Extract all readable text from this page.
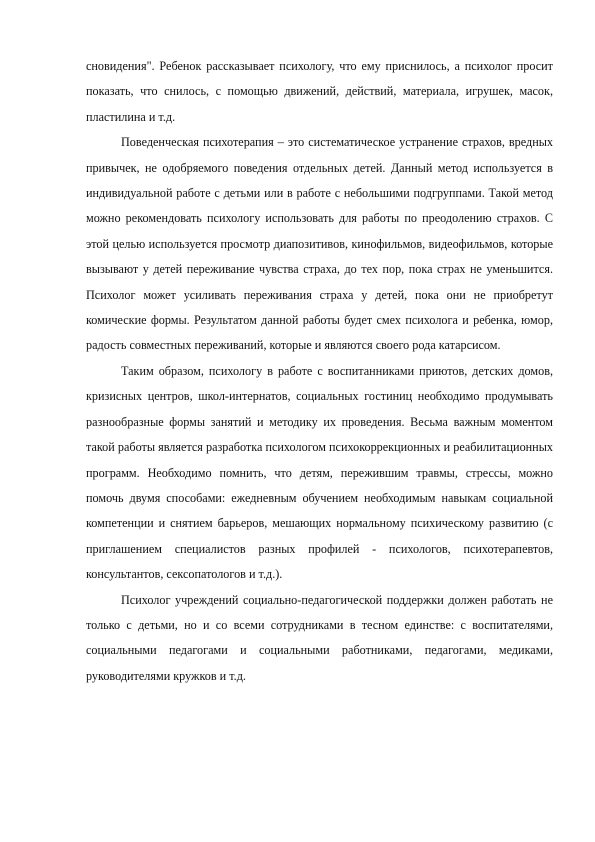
сновидения". Ребенок рассказывает психологу, что ему приснилось, а психолог просит показать, что снилось, с помощью движений, действий, материала, игрушек, масок, пластилина и т.д.

Поведенческая психотерапия – это систематическое устранение страхов, вредных привычек, не одобряемого поведения отдельных детей. Данный метод используется в индивидуальной работе с детьми или в работе с небольшими подгруппами. Такой метод можно рекомендовать психологу использовать для работы по преодолению страхов. С этой целью используется просмотр диапозитивов, кинофильмов, видеофильмов, которые вызывают у детей переживание чувства страха, до тех пор, пока страх не уменьшится. Психолог может усиливать переживания страха у детей, пока они не приобретут комические формы. Результатом данной работы будет смех психолога и ребенка, юмор, радость совместных переживаний, которые и являются своего рода катарсисом.

Таким образом, психологу в работе с воспитанниками приютов, детских домов, кризисных центров, школ-интернатов, социальных гостиниц необходимо продумывать разнообразные формы занятий и методику их проведения. Весьма важным моментом такой работы является разработка психологом психокоррекционных и реабилитационных программ. Необходимо помнить, что детям, пережившим травмы, стрессы, можно помочь двумя способами: ежедневным обучением необходимым навыкам социальной компетенции и снятием барьеров, мешающих нормальному психическому развитию (с приглашением специалистов разных профилей - психологов, психотерапевтов, консультантов, сексопатологов и т.д.).

Психолог учреждений социально-педагогической поддержки должен работать не только с детьми, но и со всеми сотрудниками в тесном единстве: с воспитателями, социальными педагогами и социальными работниками, педагогами, медиками, руководителями кружков и т.д.
